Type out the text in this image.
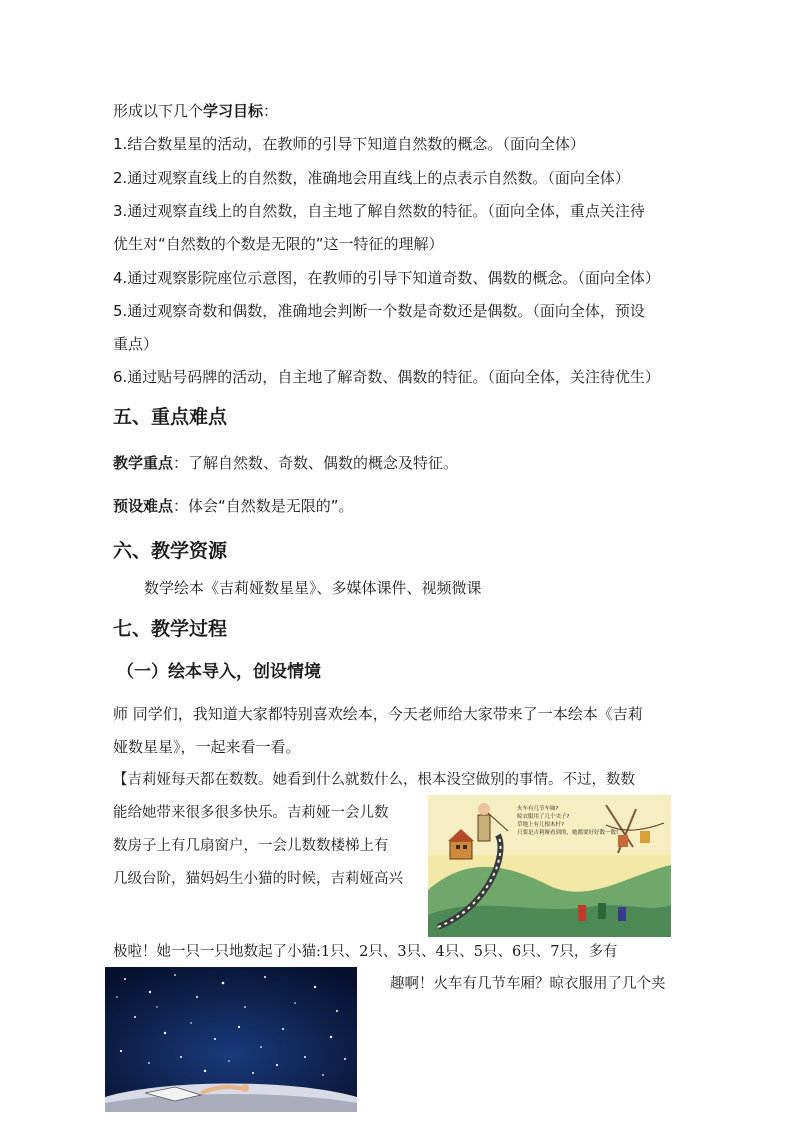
形成以下几个学习目标：
1.结合数星星的活动，在教师的引导下知道自然数的概念。（面向全体）
2.通过观察直线上的自然数，准确地会用直线上的点表示自然数。（面向全体）
3.通过观察直线上的自然数，自主地了解自然数的特征。（面向全体，重点关注待
优生对“自然数的个数是无限的”这一特征的理解）
4.通过观察影院座位示意图，在教师的引导下知道奇数、偶数的概念。（面向全体）
5.通过观察奇数和偶数，准确地会判断一个数是奇数还是偶数。（面向全体，预设
重点）
6.通过贴号码牌的活动，自主地了解奇数、偶数的特征。（面向全体，关注待优生）
五、重点难点
教学重点：了解自然数、奇数、偶数的概念及特征。
预设难点：体会“自然数是无限的”。
六、教学资源
数学绘本《吉莉娅数星星》、多媒体课件、视频微课
七、教学过程
（一）绘本导入，创设情境
师 同学们，我知道大家都特别喜欢绘本，今天老师给大家带来了一本绘本《吉莉
娅数星星》，一起来看一看。
【吉莉娅每天都在数数。她看到什么就数什么，根本没空做别的事情。不过，数数
能给她带来很多很多快乐。吉莉娅一会儿数
数房子上有几扇窗户，一会儿数数楼梯上有
几级台阶，猫妈妈生小猫的时候，吉莉娅高兴
极啦！她一只一只地数起了小猫:1只、2只、3只、4只、5只、6只、7只，多有
趣啊！火车有几节车厢？晾衣服用了几个夹
火车有几节车厢?
晾衣服用了几个夹子?
草地上有几根木杆?
只要是吉莉娅看到的，她都要好好数一数!
